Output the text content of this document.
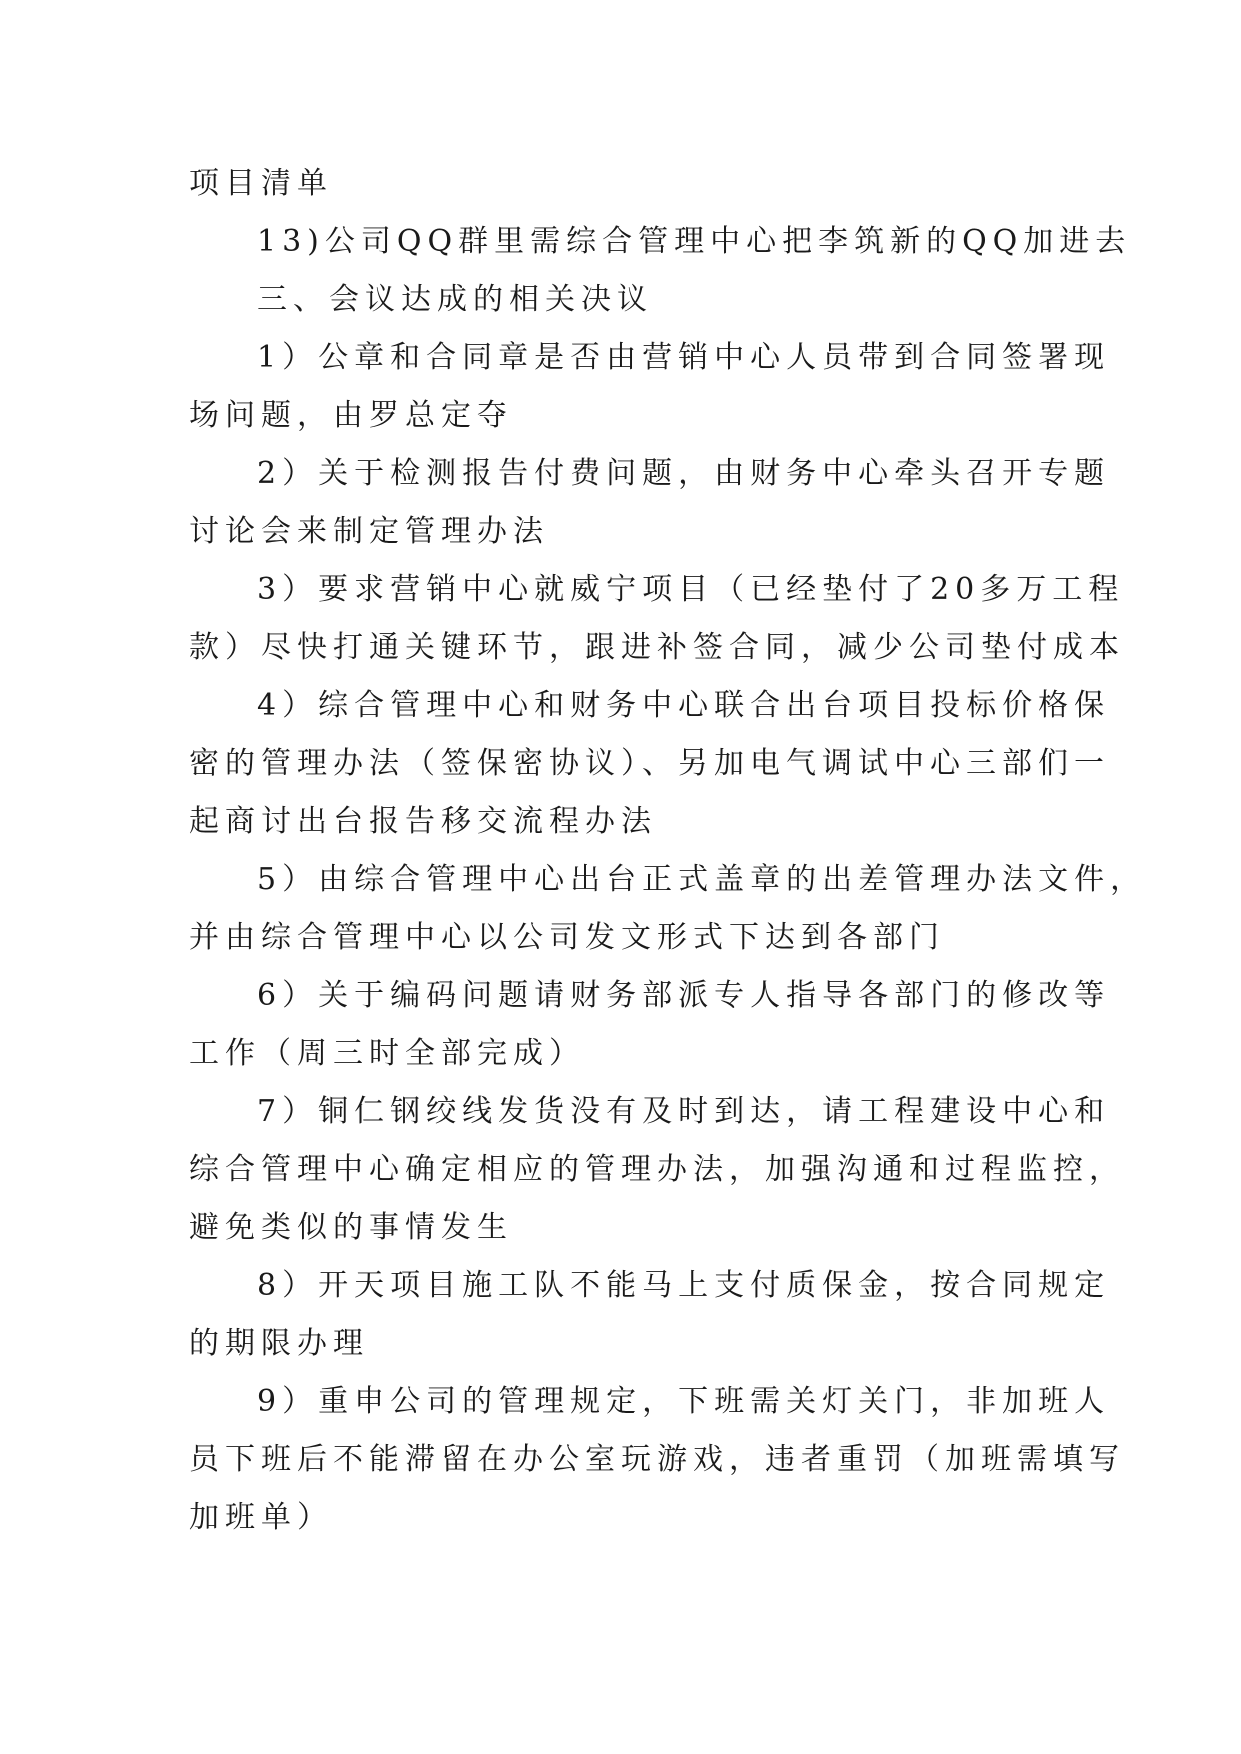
项目清单
13)公司QQ群里需综合管理中心把李筑新的QQ加进去
三、会议达成的相关决议
1）公章和合同章是否由营销中心人员带到合同签署现
场问题，由罗总定夺
2）关于检测报告付费问题，由财务中心牵头召开专题
讨论会来制定管理办法
3）要求营销中心就威宁项目（已经垫付了20多万工程
款）尽快打通关键环节，跟进补签合同，减少公司垫付成本
4）综合管理中心和财务中心联合出台项目投标价格保
密的管理办法（签保密协议）、另加电气调试中心三部们一
起商讨出台报告移交流程办法
5）由综合管理中心出台正式盖章的出差管理办法文件，
并由综合管理中心以公司发文形式下达到各部门
6）关于编码问题请财务部派专人指导各部门的修改等
工作（周三时全部完成）
7）铜仁钢绞线发货没有及时到达，请工程建设中心和
综合管理中心确定相应的管理办法，加强沟通和过程监控，
避免类似的事情发生
8）开天项目施工队不能马上支付质保金，按合同规定
的期限办理
9）重申公司的管理规定，下班需关灯关门，非加班人
员下班后不能滞留在办公室玩游戏，违者重罚（加班需填写
加班单）
